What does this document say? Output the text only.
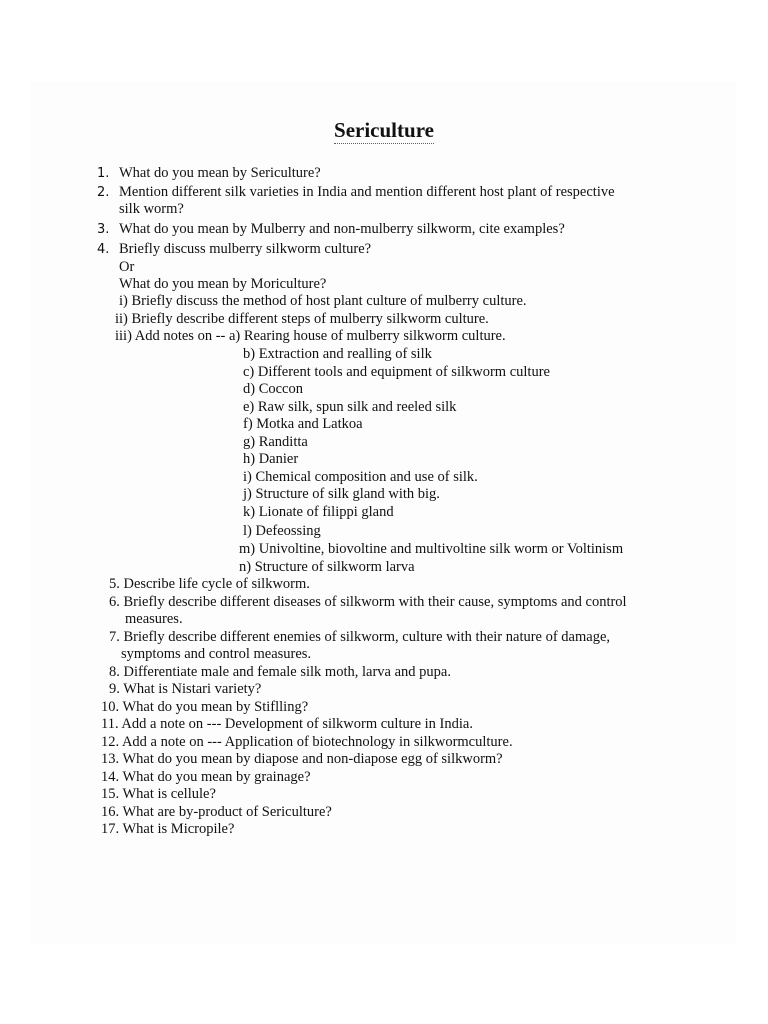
Sericulture
1. What do you mean by Sericulture?
2. Mention different silk varieties in India and mention different host plant of respective
silk worm?
3. What do you mean by Mulberry and non-mulberry silkworm, cite examples?
4. Briefly discuss mulberry silkworm culture?
Or
What do you mean by Moriculture?
i) Briefly discuss the method of host plant culture of mulberry culture.
ii) Briefly describe different steps of mulberry silkworm culture.
iii) Add notes on -- a) Rearing house of mulberry silkworm culture.
b) Extraction and realling of silk
c) Different tools and equipment of silkworm culture
d) Coccon
e) Raw silk, spun silk and reeled silk
f) Motka and Latkoa
g) Randitta
h) Danier
i) Chemical composition and use of silk.
j) Structure of silk gland with big.
k) Lionate of filippi gland
l) Defeossing
m) Univoltine, biovoltine and multivoltine silk worm or Voltinism
n) Structure of silkworm larva
5. Describe life cycle of silkworm.
6. Briefly describe different diseases of silkworm with their cause, symptoms and control
measures.
7. Briefly describe different enemies of silkworm, culture with their nature of damage,
symptoms and control measures.
8. Differentiate male and female silk moth, larva and pupa.
9. What is Nistari variety?
10. What do you mean by Stiflling?
11. Add a note on --- Development of silkworm culture in India.
12. Add a note on --- Application of biotechnology in silkwormculture.
13. What do you mean by diapose and non-diapose egg of silkworm?
14. What do you mean by grainage?
15. What is cellule?
16. What are by-product of Sericulture?
17. What is Micropile?
